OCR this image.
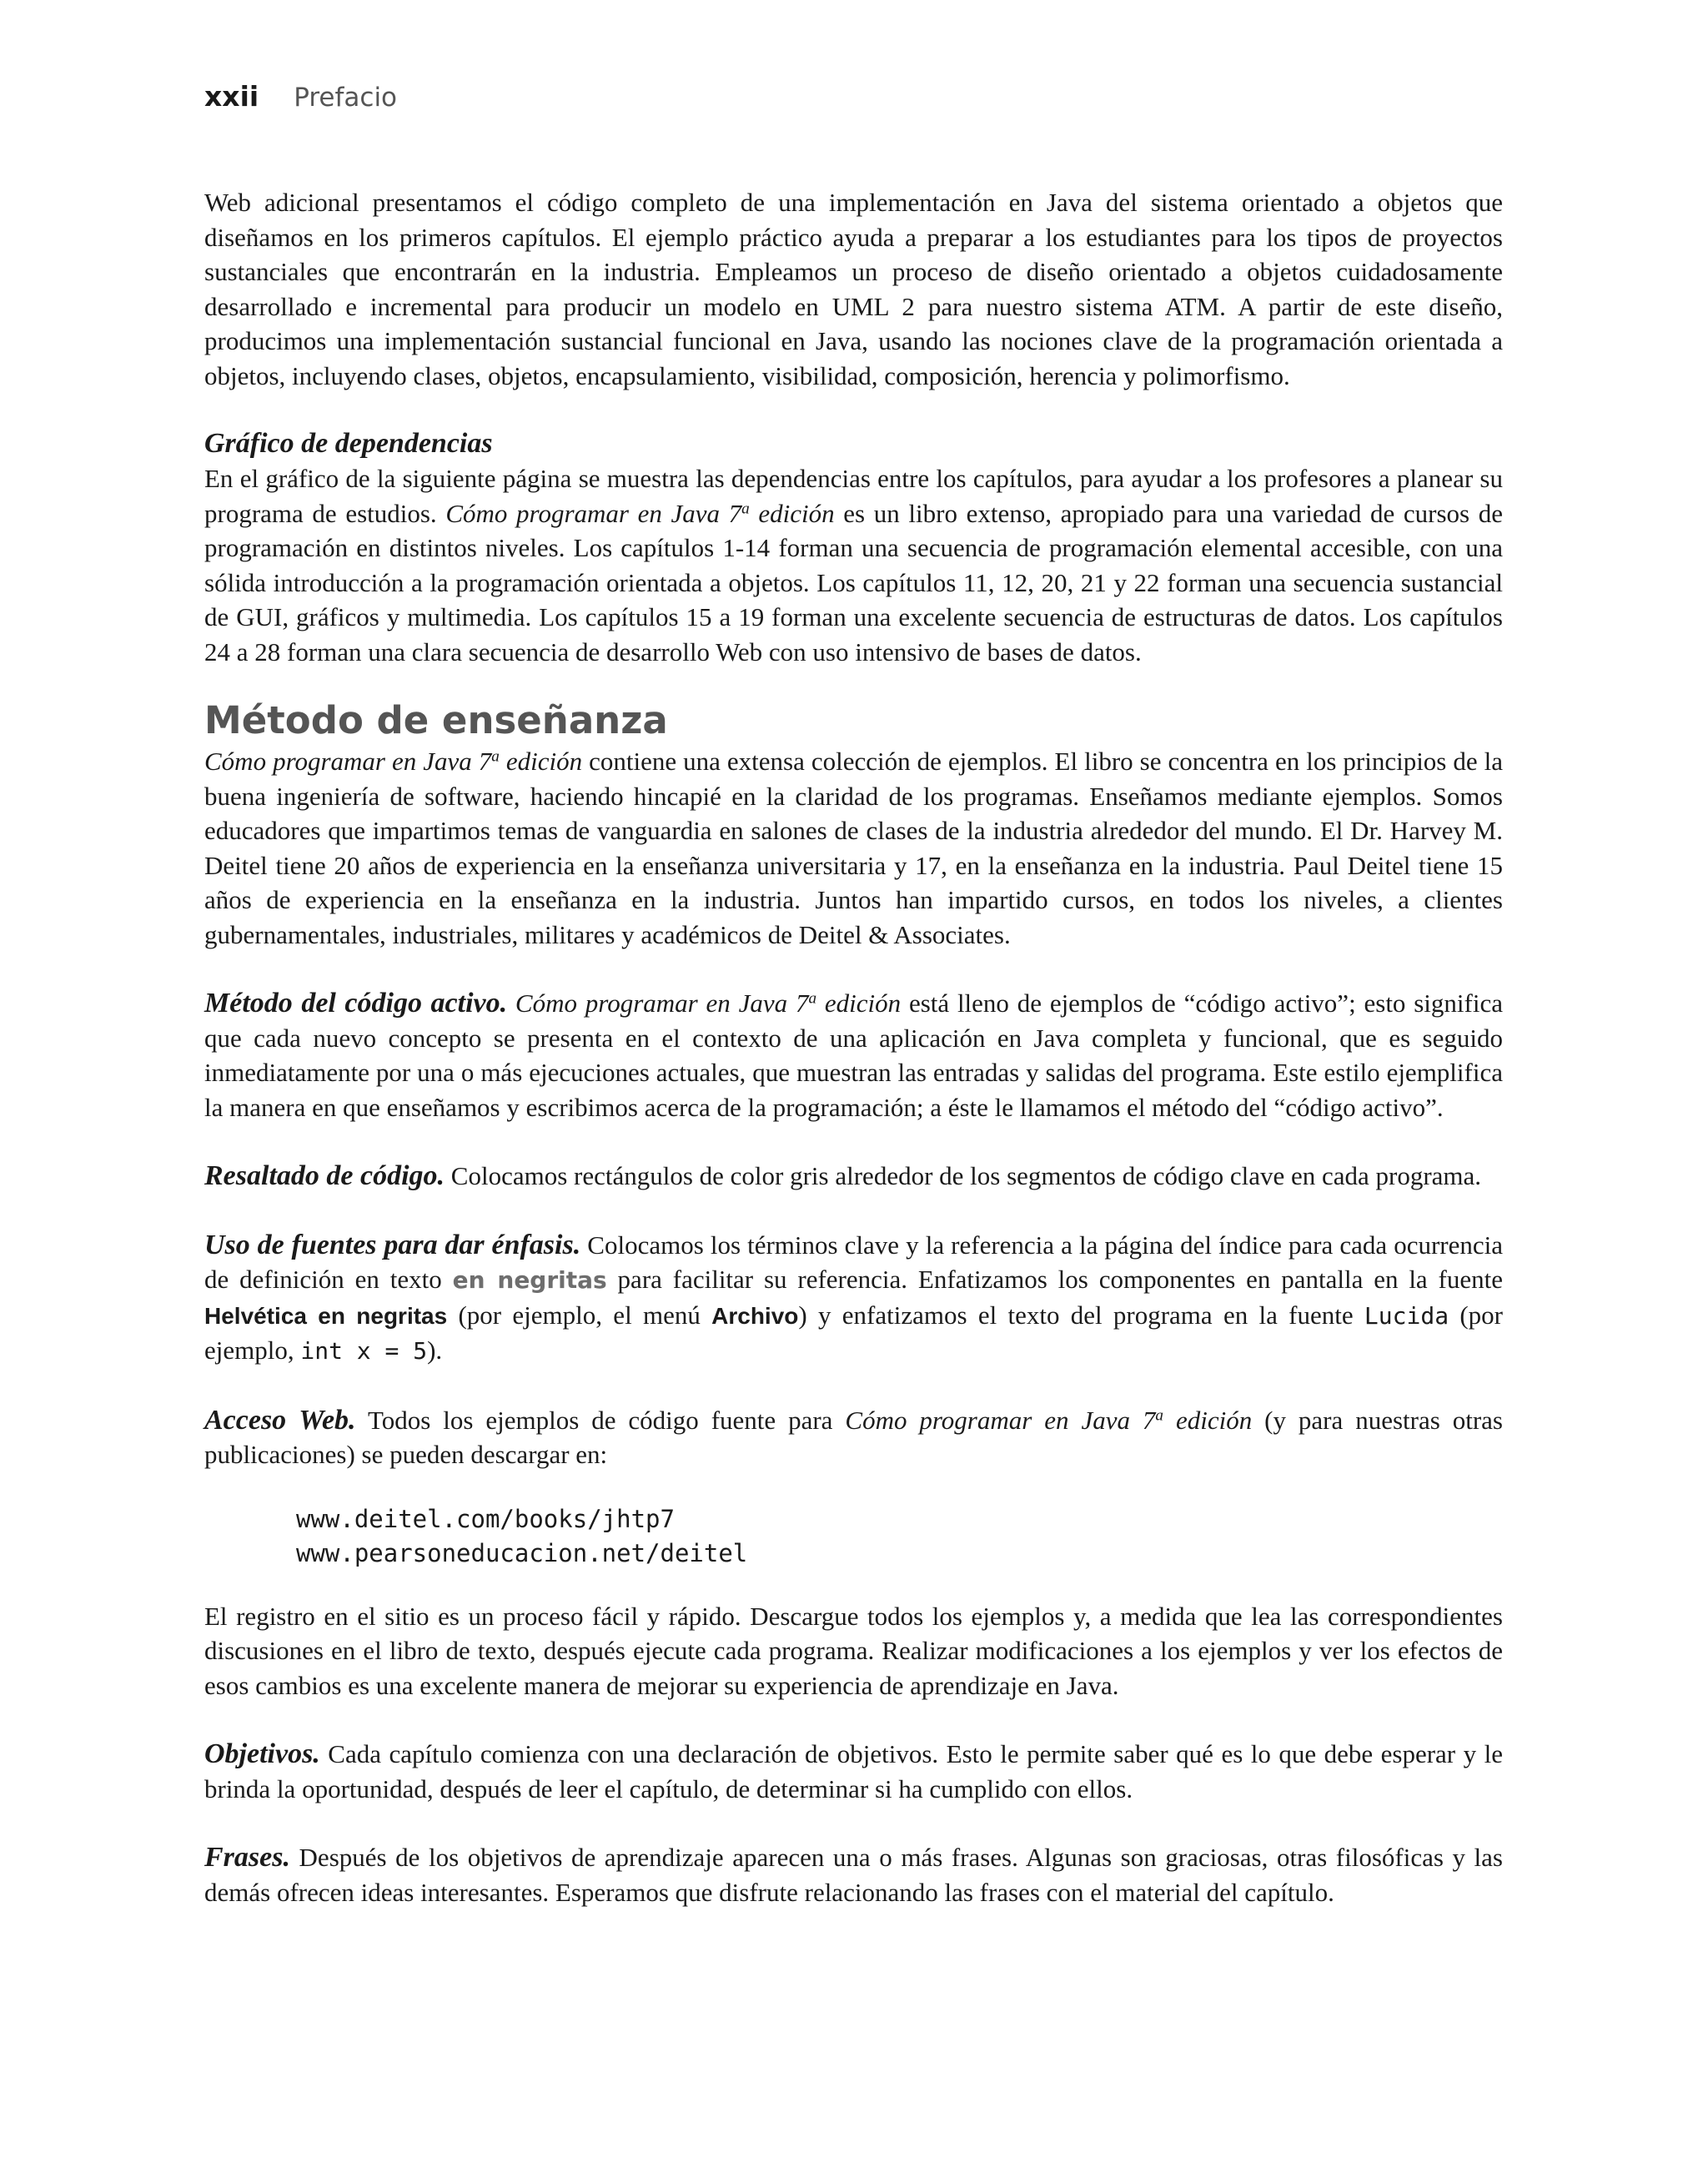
xxii Prefacio

Web adicional presentamos el código completo de una implementación en Java del sistema orientado a objetos que diseñamos en los primeros capítulos. El ejemplo práctico ayuda a preparar a los estudiantes para los tipos de proyectos sustanciales que encontrarán en la industria. Empleamos un proceso de diseño orientado a objetos cuidadosamente desarrollado e incremental para producir un modelo en UML 2 para nuestro sistema ATM. A partir de este diseño, producimos una implementación sustancial funcional en Java, usando las nociones clave de la programación orientada a objetos, incluyendo clases, objetos, encapsulamiento, visibilidad, composición, herencia y polimorfismo.

Gráfico de dependencias

En el gráfico de la siguiente página se muestra las dependencias entre los capítulos, para ayudar a los profesores a planear su programa de estudios. Cómo programar en Java 7$^a$ edición es un libro extenso, apropiado para una variedad de cursos de programación en distintos niveles. Los capítulos 1-14 forman una secuencia de programación elemental accesible, con una sólida introducción a la programación orientada a objetos. Los capítulos 11, 12, 20, 21 y 22 forman una secuencia sustancial de GUI, gráficos y multimedia. Los capítulos 15 a 19 forman una excelente secuencia de estructuras de datos. Los capítulos 24 a 28 forman una clara secuencia de desarrollo Web con uso intensivo de bases de datos.

Método de enseñanza

Cómo programar en Java 7$^a$ edición contiene una extensa colección de ejemplos. El libro se concentra en los principios de la buena ingeniería de software, haciendo hincapié en la claridad de los programas. Enseñamos mediante ejemplos. Somos educadores que impartimos temas de vanguardia en salones de clases de la industria alrededor del mundo. El Dr. Harvey M. Deitel tiene 20 años de experiencia en la enseñanza universitaria y 17, en la enseñanza en la industria. Paul Deitel tiene 15 años de experiencia en la enseñanza en la industria. Juntos han impartido cursos, en todos los niveles, a clientes gubernamentales, industriales, militares y académicos de Deitel & Associates.

Método del código activo. Cómo programar en Java 7$^a$ edición está lleno de ejemplos de “código activo”; esto significa que cada nuevo concepto se presenta en el contexto de una aplicación en Java completa y funcional, que es seguido inmediatamente por una o más ejecuciones actuales, que muestran las entradas y salidas del programa. Este estilo ejemplifica la manera en que enseñamos y escribimos acerca de la programación; a éste le llamamos el método del “código activo”.

Resaltado de código. Colocamos rectángulos de color gris alrededor de los segmentos de código clave en cada programa.

Uso de fuentes para dar énfasis. Colocamos los términos clave y la referencia a la página del índice para cada ocurrencia de definición en texto en negritas para facilitar su referencia. Enfatizamos los componentes en pantalla en la fuente Helvética en negritas (por ejemplo, el menú Archivo) y enfatizamos el texto del programa en la fuente Lucida (por ejemplo, int x = 5).

Acceso Web. Todos los ejemplos de código fuente para Cómo programar en Java 7$^a$ edición (y para nuestras otras publicaciones) se pueden descargar en:

www.deitel.com/books/jhtp7
www.pearsoneducacion.net/deitel

El registro en el sitio es un proceso fácil y rápido. Descargue todos los ejemplos y, a medida que lea las correspondientes discusiones en el libro de texto, después ejecute cada programa. Realizar modificaciones a los ejemplos y ver los efectos de esos cambios es una excelente manera de mejorar su experiencia de aprendizaje en Java.

Objetivos. Cada capítulo comienza con una declaración de objetivos. Esto le permite saber qué es lo que debe esperar y le brinda la oportunidad, después de leer el capítulo, de determinar si ha cumplido con ellos.

Frases. Después de los objetivos de aprendizaje aparecen una o más frases. Algunas son graciosas, otras filosóficas y las demás ofrecen ideas interesantes. Esperamos que disfrute relacionando las frases con el material del capítulo.
